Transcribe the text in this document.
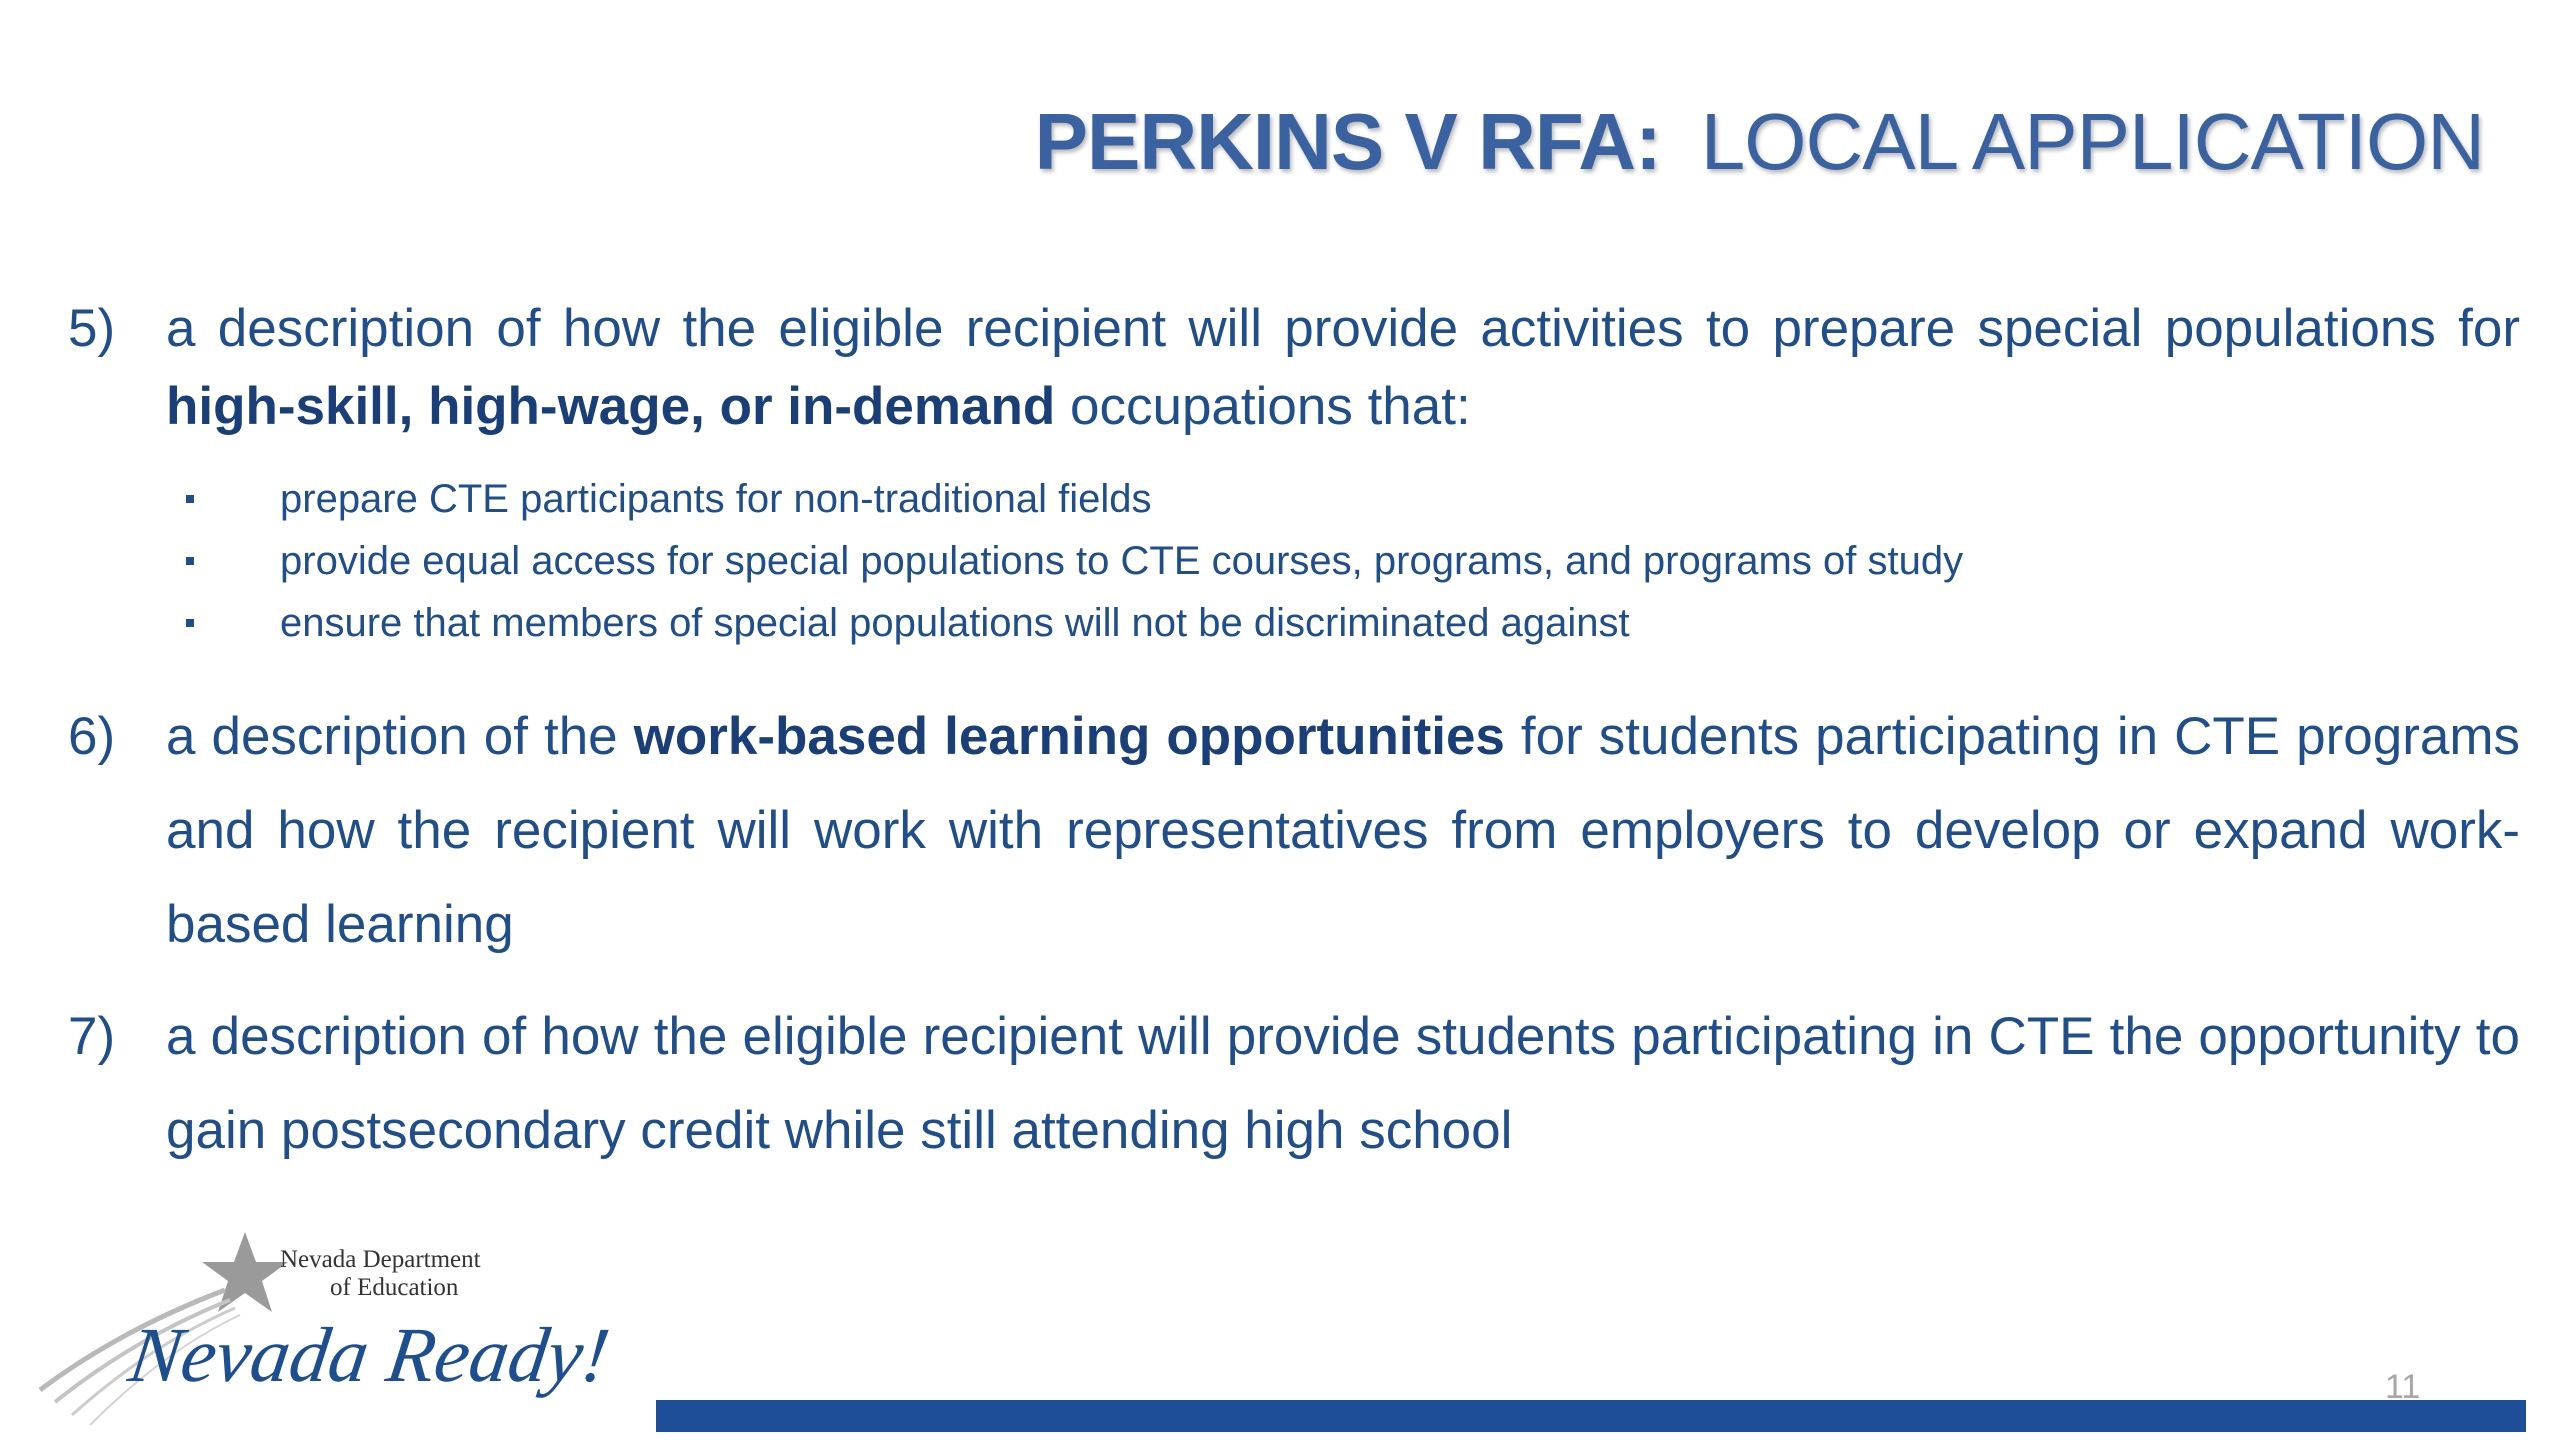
PERKINS V RFA: LOCAL APPLICATION
5) a description of how the eligible recipient will provide activities to prepare special populations for high-skill, high-wage, or in-demand occupations that:
prepare CTE participants for non-traditional fields
provide equal access for special populations to CTE courses, programs, and programs of study
ensure that members of special populations will not be discriminated against
6) a description of the work-based learning opportunities for students participating in CTE programs and how the recipient will work with representatives from employers to develop or expand work-based learning
7) a description of how the eligible recipient will provide students participating in CTE the opportunity to gain postsecondary credit while still attending high school
Nevada Department
of Education
Nevada Ready!	11
